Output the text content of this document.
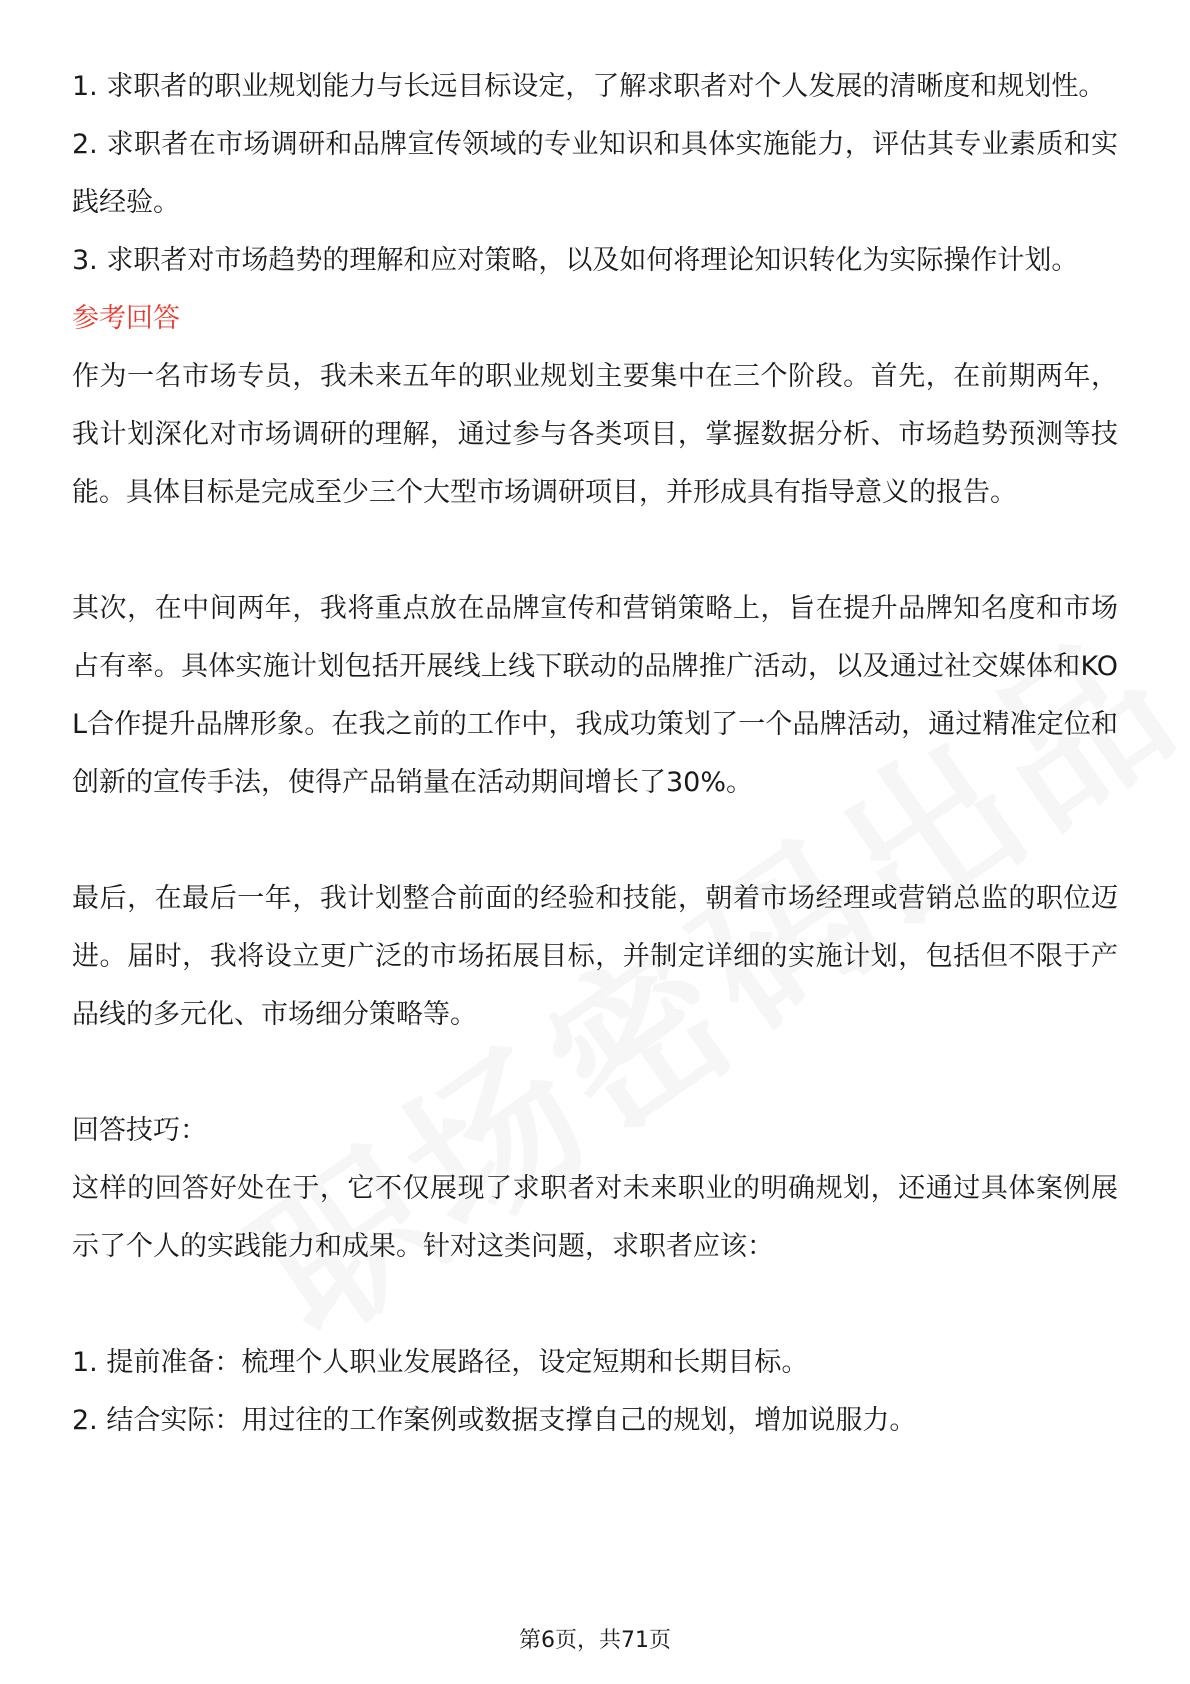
1. 求职者的职业规划能力与长远目标设定，了解求职者对个人发展的清晰度和规划性。

2. 求职者在市场调研和品牌宣传领域的专业知识和具体实施能力，评估其专业素质和实践经验。

3. 求职者对市场趋势的理解和应对策略，以及如何将理论知识转化为实际操作计划。

参考回答

作为一名市场专员，我未来五年的职业规划主要集中在三个阶段。首先，在前期两年，我计划深化对市场调研的理解，通过参与各类项目，掌握数据分析、市场趋势预测等技能。具体目标是完成至少三个大型市场调研项目，并形成具有指导意义的报告。

其次，在中间两年，我将重点放在品牌宣传和营销策略上，旨在提升品牌知名度和市场占有率。具体实施计划包括开展线上线下联动的品牌推广活动，以及通过社交媒体和KOL合作提升品牌形象。在我之前的工作中，我成功策划了一个品牌活动，通过精准定位和创新的宣传手法，使得产品销量在活动期间增长了30%。

最后，在最后一年，我计划整合前面的经验和技能，朝着市场经理或营销总监的职位迈进。届时，我将设立更广泛的市场拓展目标，并制定详细的实施计划，包括但不限于产品线的多元化、市场细分策略等。

回答技巧：

这样的回答好处在于，它不仅展现了求职者对未来职业的明确规划，还通过具体案例展示了个人的实践能力和成果。针对这类问题，求职者应该：

1. 提前准备：梳理个人职业发展路径，设定短期和长期目标。

2. 结合实际：用过往的工作案例或数据支撑自己的规划，增加说服力。

第6页，共71页
